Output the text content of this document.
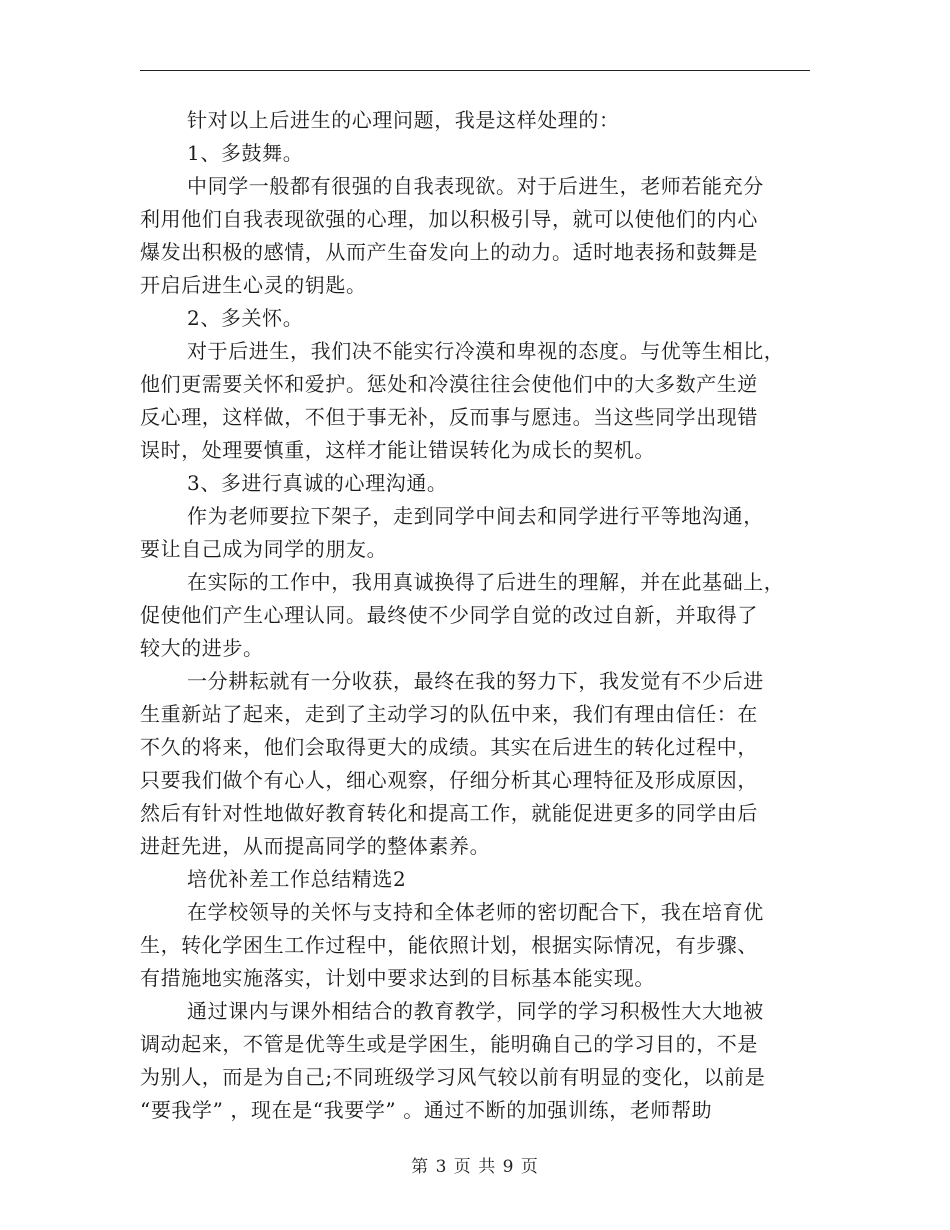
针对以上后进生的心理问题，我是这样处理的：
1、多鼓舞。
中同学一般都有很强的自我表现欲。对于后进生，老师若能充分
利用他们自我表现欲强的心理，加以积极引导，就可以使他们的内心
爆发出积极的感情，从而产生奋发向上的动力。适时地表扬和鼓舞是
开启后进生心灵的钥匙。
2、多关怀。
对于后进生，我们决不能实行冷漠和卑视的态度。与优等生相比，
他们更需要关怀和爱护。惩处和冷漠往往会使他们中的大多数产生逆
反心理，这样做，不但于事无补，反而事与愿违。当这些同学出现错
误时，处理要慎重，这样才能让错误转化为成长的契机。
3、多进行真诚的心理沟通。
作为老师要拉下架子，走到同学中间去和同学进行平等地沟通，
要让自己成为同学的朋友。
在实际的工作中，我用真诚换得了后进生的理解，并在此基础上，
促使他们产生心理认同。最终使不少同学自觉的改过自新，并取得了
较大的进步。
一分耕耘就有一分收获，最终在我的努力下，我发觉有不少后进
生重新站了起来，走到了主动学习的队伍中来，我们有理由信任：在
不久的将来，他们会取得更大的成绩。其实在后进生的转化过程中，
只要我们做个有心人，细心观察，仔细分析其心理特征及形成原因，
然后有针对性地做好教育转化和提高工作，就能促进更多的同学由后
进赶先进，从而提高同学的整体素养。
培优补差工作总结精选2
在学校领导的关怀与支持和全体老师的密切配合下，我在培育优
生，转化学困生工作过程中，能依照计划，根据实际情况，有步骤、
有措施地实施落实，计划中要求达到的目标基本能实现。
通过课内与课外相结合的教育教学，同学的学习积极性大大地被
调动起来，不管是优等生或是学困生，能明确自己的学习目的，不是
为别人，而是为自己;不同班级学习风气较以前有明显的变化，以前是
“要我学” ，现在是“我要学” 。通过不断的加强训练，老师帮助
第 3 页 共 9 页
